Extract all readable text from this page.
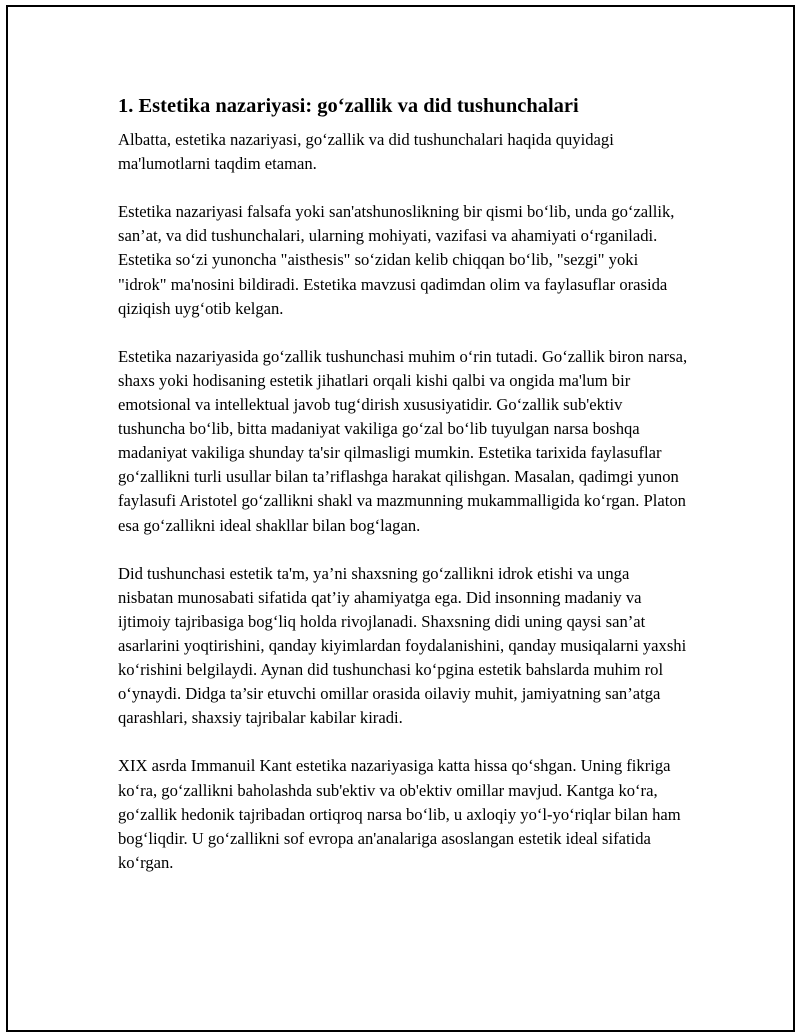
1. Estetika nazariyasi: go‘zallik va did tushunchalari

Albatta, estetika nazariyasi, go‘zallik va did tushunchalari haqida quyidagi ma'lumotlarni taqdim etaman.

Estetika nazariyasi falsafa yoki san'atshunoslikning bir qismi bo‘lib, unda go‘zallik, san’at, va did tushunchalari, ularning mohiyati, vazifasi va ahamiyati o‘rganiladi. Estetika so‘zi yunoncha "aisthesis" so‘zidan kelib chiqqan bo‘lib, "sezgi" yoki "idrok" ma'nosini bildiradi. Estetika mavzusi qadimdan olim va faylasuflar orasida qiziqish uyg‘otib kelgan.

Estetika nazariyasida go‘zallik tushunchasi muhim o‘rin tutadi. Go‘zallik biron narsa, shaxs yoki hodisaning estetik jihatlari orqali kishi qalbi va ongida ma'lum bir emotsional va intellektual javob tug‘dirish xususiyatidir. Go‘zallik sub'ektiv tushuncha bo‘lib, bitta madaniyat vakiliga go‘zal bo‘lib tuyulgan narsa boshqa madaniyat vakiliga shunday ta'sir qilmasligi mumkin. Estetika tarixida faylasuflar go‘zallikni turli usullar bilan ta’riflashga harakat qilishgan. Masalan, qadimgi yunon faylasufi Aristotel go‘zallikni shakl va mazmunning mukammalligida ko‘rgan. Platon esa go‘zallikni ideal shakllar bilan bog‘lagan.

Did tushunchasi estetik ta'm, ya’ni shaxsning go‘zallikni idrok etishi va unga nisbatan munosabati sifatida qat’iy ahamiyatga ega. Did insonning madaniy va ijtimoiy tajribasiga bog‘liq holda rivojlanadi. Shaxsning didi uning qaysi san’at asarlarini yoqtirishini, qanday kiyimlardan foydalanishini, qanday musiqalarni yaxshi ko‘rishini belgilaydi. Aynan did tushunchasi ko‘pgina estetik bahslarda muhim rol o‘ynaydi. Didga ta’sir etuvchi omillar orasida oilaviy muhit, jamiyatning san’atga qarashlari, shaxsiy tajribalar kabilar kiradi.

XIX asrda Immanuil Kant estetika nazariyasiga katta hissa qo‘shgan. Uning fikriga ko‘ra, go‘zallikni baholashda sub'ektiv va ob'ektiv omillar mavjud. Kantga ko‘ra, go‘zallik hedonik tajribadan ortiqroq narsa bo‘lib, u axloqiy yo‘l-yo‘riqlar bilan ham bog‘liqdir. U go‘zallikni sof evropa an'analariga asoslangan estetik ideal sifatida ko‘rgan.
